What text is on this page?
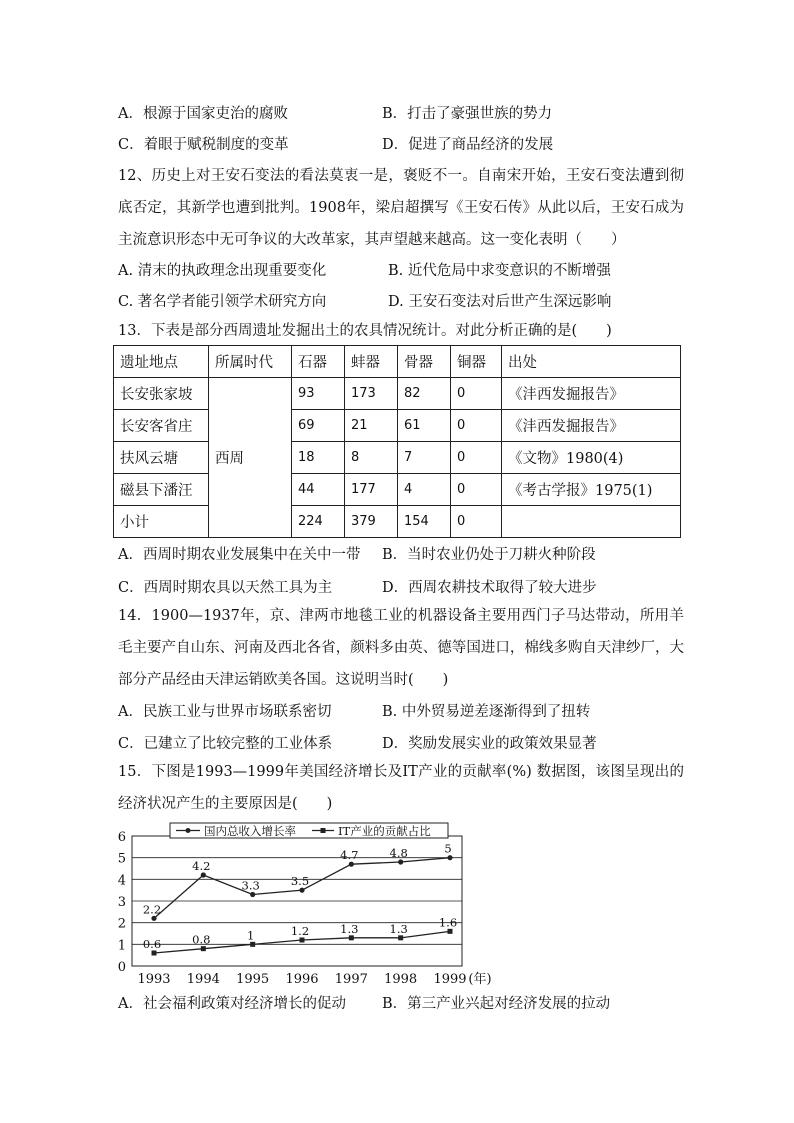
A．根源于国家吏治的腐败	B．打击了豪强世族的势力
C．着眼于赋税制度的变革	D．促进了商品经济的发展
12、历史上对王安石变法的看法莫衷一是，褒贬不一。自南宋开始，王安石变法遭到彻底否定，其新学也遭到批判。1908年，梁启超撰写《王安石传》从此以后，王安石成为主流意识形态中无可争议的大改革家，其声望越来越高。这一变化表明（　　）
A. 清末的执政理念出现重要变化	B. 近代危局中求变意识的不断增强
C. 著名学者能引领学术研究方向	D. 王安石变法对后世产生深远影响
13．下表是部分西周遗址发掘出土的农具情况统计。对此分析正确的是(　　)
遗址地点	所属时代	石器	蚌器	骨器	铜器	出处
长安张家坡	西周	93	173	82	0	《沣西发掘报告》
长安客省庄		69	21	61	0	《沣西发掘报告》
扶风云塘		18	8	7	0	《文物》1980(4)
磁县下潘汪		44	177	4	0	《考古学报》1975(1)
小计		224	379	154	0	
A．西周时期农业发展集中在关中一带 B．当时农业仍处于刀耕火种阶段
C．西周时期农具以天然工具为主	D．西周农耕技术取得了较大进步
14．1900—1937年，京、津两市地毯工业的机器设备主要用西门子马达带动，所用羊毛主要产自山东、河南及西北各省，颜料多由英、德等国进口，棉线多购自天津纱厂，大部分产品经由天津运销欧美各国。这说明当时(　　)
A．民族工业与世界市场联系密切	B. 中外贸易逆差逐渐得到了扭转
C．已建立了比较完整的工业体系	D．奖励发展实业的政策效果显著
15．下图是1993—1999年美国经济增长及IT产业的贡献率(%) 数据图，该图呈现出的经济状况产生的主要原因是(　　)
0
1
2
3
4
5
6	国内总收入增长率	IT产业的贡献占比
2.2
4.2
3.3	3.5
4.7	4.8	5
0.6	0.8	1	1.2	1.3	1.3	1.6
1993 1994 1995 1996 1997 1998 1999 (年)
A．社会福利政策对经济增长的促动 B．第三产业兴起对经济发展的拉动
